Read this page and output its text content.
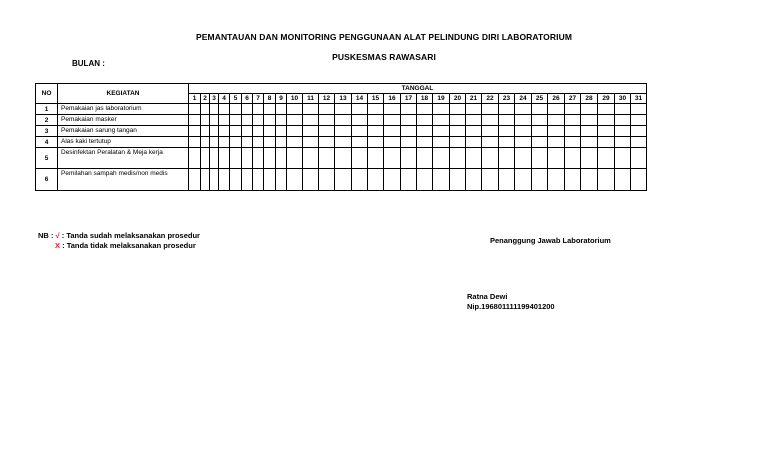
PEMANTAUAN DAN MONITORING PENGGUNAAN ALAT PELINDUNG DIRI LABORATORIUM
PUSKESMAS RAWASARI
BULAN :
NO	KEGIATAN	TANGGAL																														
		1	2	3	4	5	6	7	8	9	10	11	12	13	14	15	16	17	18	19	20	21	22	23	24	25	26	27	28	29	30	31
1	Pemakaian jas laboratorium																															
2	Pemakaian masker																															
3	Pemakaian sarung tangan																															
4	Alas kaki tertutup																															
5	Desinfektan Peralatan & Meja kerja																															
6	Pemilahan sampah medis/non medis																															
NB : √ : Tanda sudah melaksanakan prosedur
X : Tanda tidak melaksanakan prosedur
Penanggung Jawab Laboratorium
Ratna Dewi
Nip.196801111199401200
